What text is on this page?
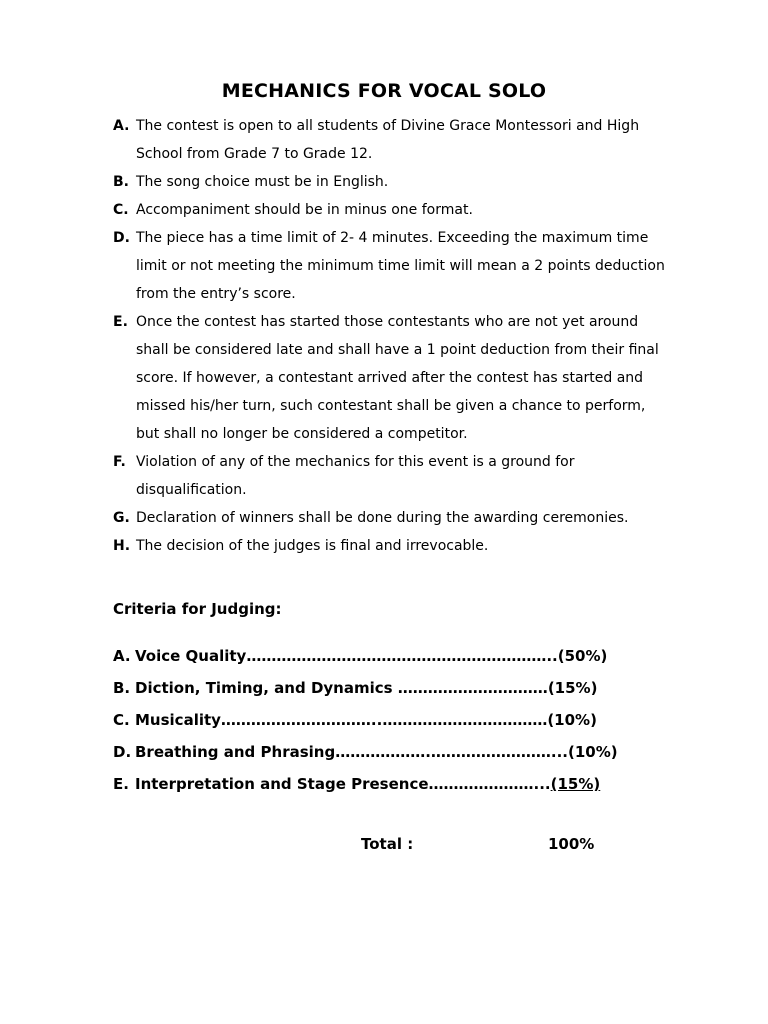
MECHANICS FOR VOCAL SOLO
A. The contest is open to all students of Divine Grace Montessori and High
School from Grade 7 to Grade 12.
B. The song choice must be in English.
C. Accompaniment should be in minus one format.
D. The piece has a time limit of 2- 4 minutes. Exceeding the maximum time
limit or not meeting the minimum time limit will mean a 2 points deduction
from the entry’s score.
E. Once the contest has started those contestants who are not yet around
shall be considered late and shall have a 1 point deduction from their final
score. If however, a contestant arrived after the contest has started and
missed his/her turn, such contestant shall be given a chance to perform,
but shall no longer be considered a competitor.
F. Violation of any of the mechanics for this event is a ground for
disqualification.
G. Declaration of winners shall be done during the awarding ceremonies.
H. The decision of the judges is final and irrevocable.
Criteria for Judging:
A. Voice Quality …………………………………………………….. (50%)
B. Diction, Timing, and Dynamics ………………………… (15%)
C. Musicality …………………………..…………………………… (10%)
D. Breathing and Phrasing ……………….……………………... (10%)
E. Interpretation and Stage Presence …………………... (15%)
Total :	100%
